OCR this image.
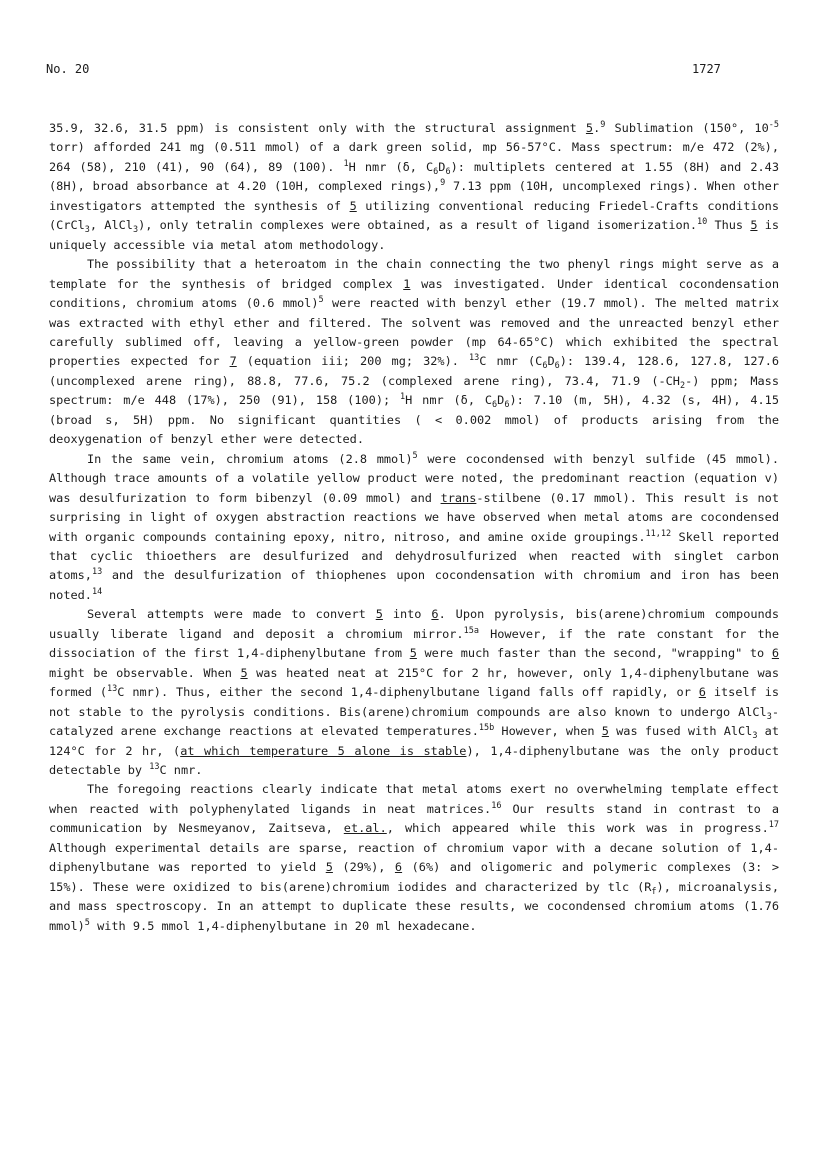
No. 20	1727

35.9, 32.6, 31.5 ppm) is consistent only with the structural assignment 5.$^9$ Sublimation (150°, $10^{-5}$ torr) afforded 241 mg (0.511 mmol) of a dark green solid, mp 56-57°C. Mass spectrum: m/e 472 (2%), 264 (58), 210 (41), 90 (64), 89 (100). $^1$H nmr (δ, $C_6D_6$): multiplets centered at 1.55 (8H) and 2.43 (8H), broad absorbance at 4.20 (10H, complexed rings),$^9$ 7.13 ppm (10H, uncomplexed rings). When other investigators attempted the synthesis of 5 utilizing conventional reducing Friedel-Crafts conditions (CrCl$_3$, AlCl$_3$), only tetralin complexes were obtained, as a result of ligand isomerization.$^{10}$ Thus 5 is uniquely accessible via metal atom methodology.

The possibility that a heteroatom in the chain connecting the two phenyl rings might serve as a template for the synthesis of bridged complex 1 was investigated. Under identical cocondensation conditions, chromium atoms (0.6 mmol)$^5$ were reacted with benzyl ether (19.7 mmol). The melted matrix was extracted with ethyl ether and filtered. The solvent was removed and the unreacted benzyl ether carefully sublimed off, leaving a yellow-green powder (mp 64-65°C) which exhibited the spectral properties expected for 7 (equation iii; 200 mg; 32%). $^{13}$C nmr $(C_6D_6)$: 139.4, 128.6, 127.8, 127.6 (uncomplexed arene ring), 88.8, 77.6, 75.2 (complexed arene ring), 73.4, 71.9 $(-CH_2-)$ ppm; Mass spectrum: m/e 448 (17%), 250 (91), 158 (100); $^1$H nmr (δ, $C_6D_6$): 7.10 (m, 5H), 4.32 (s, 4H), 4.15 (broad s, 5H) ppm. No significant quantities ( < 0.002 mmol) of products arising from the deoxygenation of benzyl ether were detected.

In the same vein, chromium atoms (2.8 mmol)$^5$ were cocondensed with benzyl sulfide (45 mmol). Although trace amounts of a volatile yellow product were noted, the predominant reaction (equation v) was desulfurization to form bibenzyl (0.09 mmol) and trans-stilbene (0.17 mmol). This result is not surprising in light of oxygen abstraction reactions we have observed when metal atoms are cocondensed with organic compounds containing epoxy, nitro, nitroso, and amine oxide groupings.$^{11,12}$ Skell reported that cyclic thioethers are desulfurized and dehydrosulfurized when reacted with singlet carbon atoms,$^{13}$ and the desulfurization of thiophenes upon cocondensation with chromium and iron has been noted.$^{14}$

Several attempts were made to convert 5 into 6. Upon pyrolysis, bis(arene)chromium compounds usually liberate ligand and deposit a chromium mirror.$^{15a}$ However, if the rate constant for the dissociation of the first 1,4-diphenylbutane from 5 were much faster than the second, "wrapping" to 6 might be observable. When 5 was heated neat at 215°C for 2 hr, however, only 1,4-diphenylbutane was formed ($^{13}$C nmr). Thus, either the second 1,4-diphenylbutane ligand falls off rapidly, or 6 itself is not stable to the pyrolysis conditions. Bis(arene)chromium compounds are also known to undergo AlCl$_3$-catalyzed arene exchange reactions at elevated temperatures.$^{15b}$ However, when 5 was fused with AlCl$_3$ at 124°C for 2 hr, (at which temperature 5 alone is stable), 1,4-diphenylbutane was the only product detectable by $^{13}$C nmr.

The foregoing reactions clearly indicate that metal atoms exert no overwhelming template effect when reacted with polyphenylated ligands in neat matrices.$^{16}$ Our results stand in contrast to a communication by Nesmeyanov, Zaitseva, et.al., which appeared while this work was in progress.$^{17}$ Although experimental details are sparse, reaction of chromium vapor with a decane solution of 1,4-diphenylbutane was reported to yield 5 (29%), 6 (6%) and oligomeric and polymeric complexes (3: > 15%). These were oxidized to bis(arene)chromium iodides and characterized by tlc $(R_f)$, microanalysis, and mass spectroscopy. In an attempt to duplicate these results, we cocondensed chromium atoms (1.76 mmol)$^5$ with 9.5 mmol 1,4-diphenylbutane in 20 ml hexadecane.
